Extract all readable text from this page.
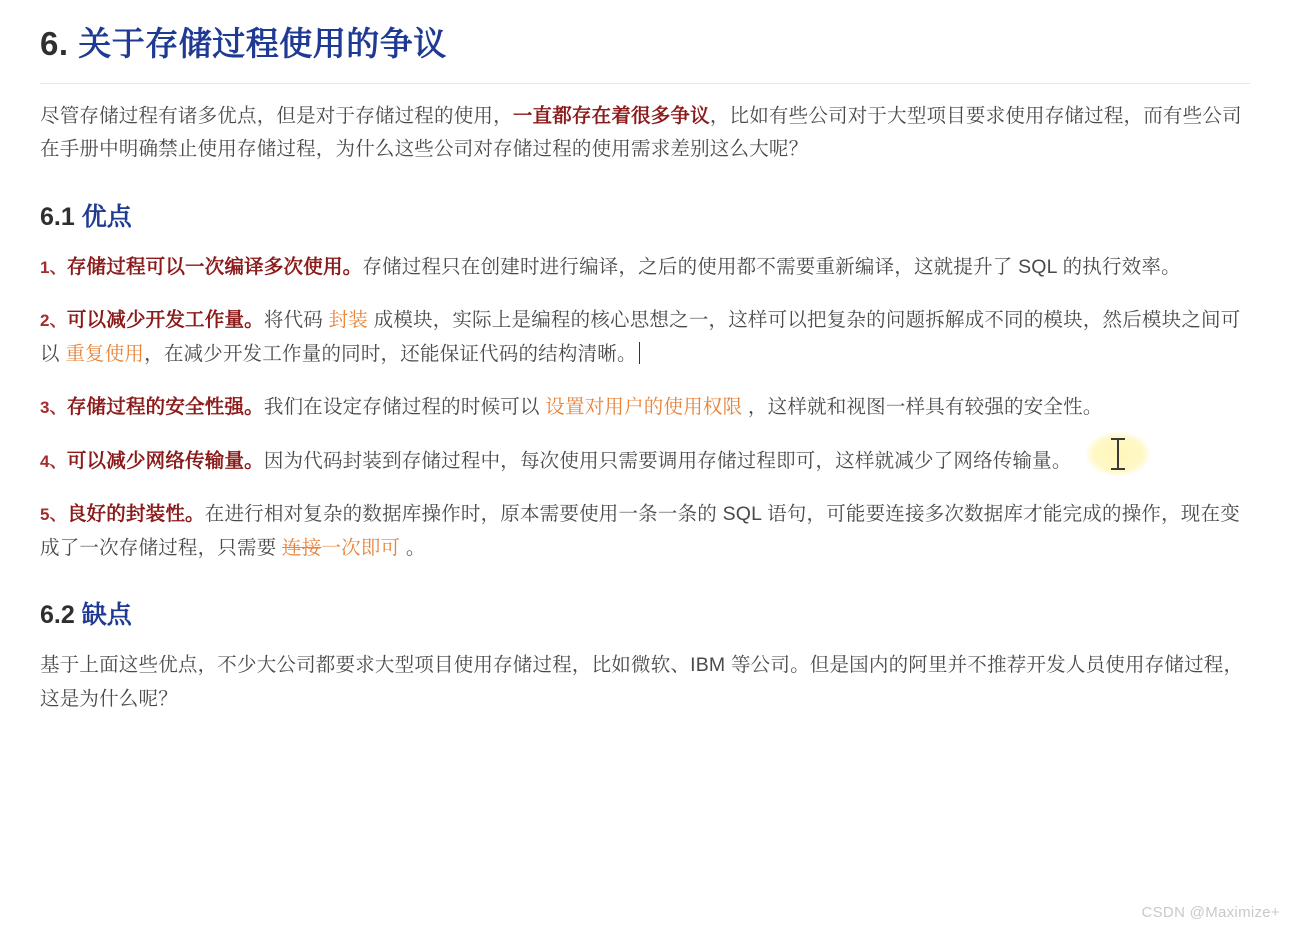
6. 关于存储过程使用的争议

尽管存储过程有诸多优点，但是对于存储过程的使用，一直都存在着很多争议，比如有些公司对于大型项目要求使用存储过程，而有些公司在手册中明确禁止使用存储过程，为什么这些公司对存储过程的使用需求差别这么大呢？

6.1 优点

1、存储过程可以一次编译多次使用。存储过程只在创建时进行编译，之后的使用都不需要重新编译，这就提升了 SQL 的执行效率。

2、可以减少开发工作量。将代码 封装 成模块，实际上是编程的核心思想之一，这样可以把复杂的问题拆解成不同的模块，然后模块之间可以 重复使用，在减少开发工作量的同时，还能保证代码的结构清晰。

3、存储过程的安全性强。我们在设定存储过程的时候可以 设置对用户的使用权限 ，这样就和视图一样具有较强的安全性。

4、可以减少网络传输量。因为代码封装到存储过程中，每次使用只需要调用存储过程即可，这样就减少了网络传输量。

5、良好的封装性。在进行相对复杂的数据库操作时，原本需要使用一条一条的 SQL 语句，可能要连接多次数据库才能完成的操作，现在变成了一次存储过程，只需要 连接一次即可 。

6.2 缺点

基于上面这些优点，不少大公司都要求大型项目使用存储过程，比如微软、IBM 等公司。但是国内的阿里并不推荐开发人员使用存储过程，这是为什么呢？

CSDN @Maximize+
